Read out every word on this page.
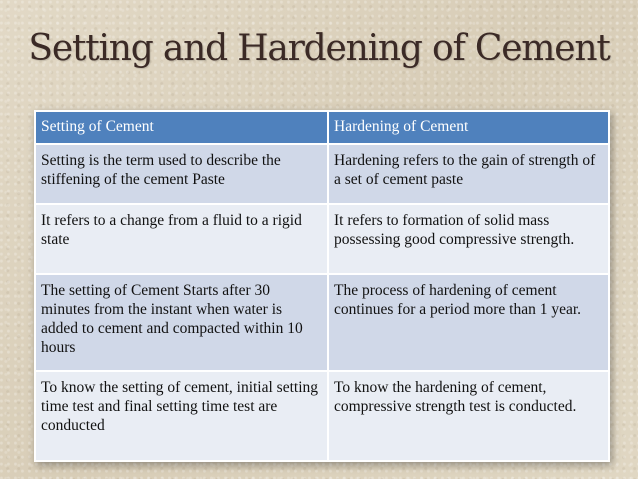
Setting and Hardening of Cement
Setting of Cement	Hardening of Cement
Setting is the term used to describe the stiffening of the cement Paste	Hardening refers to the gain of strength of a set of cement paste
It refers to a change from a fluid to a rigid state	It refers to formation of solid mass possessing good compressive strength.
The setting of Cement Starts after 30 minutes from the instant when water is added to cement and compacted within 10 hours	The process of hardening of cement continues for a period more than 1 year.
To know the setting of cement, initial setting time test and final setting time test are conducted	To know the hardening of cement, compressive strength test is conducted.
